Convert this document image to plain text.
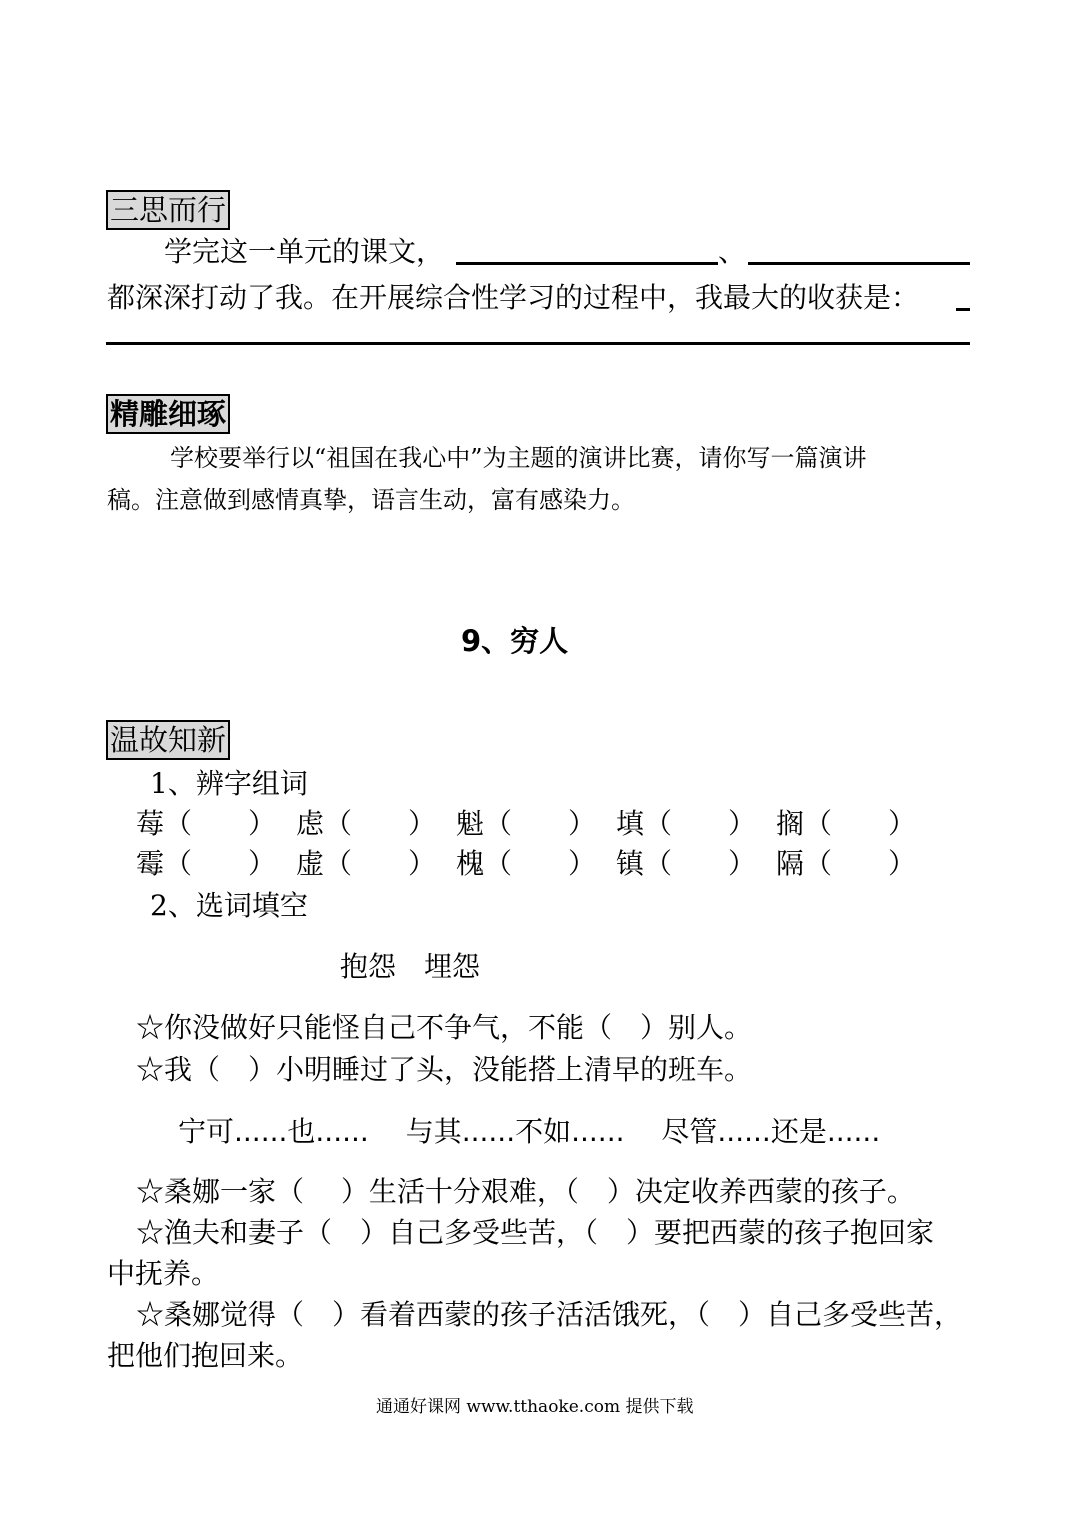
三思而行
学完这一单元的课文，	、
都深深打动了我。在开展综合性学习的过程中，我最大的收获是：
精雕细琢
学校要举行以“祖国在我心中”为主题的演讲比赛，请你写一篇演讲
稿。注意做到感情真挚，语言生动，富有感染力。
9、穷人
温故知新
1、辨字组词
莓（　　） 虑（　　） 魁（　　） 填（　　） 搁（　　）
霉（　　） 虚（　　） 槐（　　） 镇（　　） 隔（　　）
2、选词填空
抱怨　埋怨
☆你没做好只能怪自己不争气，不能（　）别人。
☆我（　）小明睡过了头，没能搭上清早的班车。
宁可......也......　 与其......不如......　 尽管......还是......
☆桑娜一家（　 ）生活十分艰难，（　）决定收养西蒙的孩子。
☆渔夫和妻子（　）自己多受些苦，（　）要把西蒙的孩子抱回家
中抚养。
☆桑娜觉得（　）看着西蒙的孩子活活饿死，（　）自己多受些苦，
把他们抱回来。
通通好课网 www.tthaoke.com 提供下载
